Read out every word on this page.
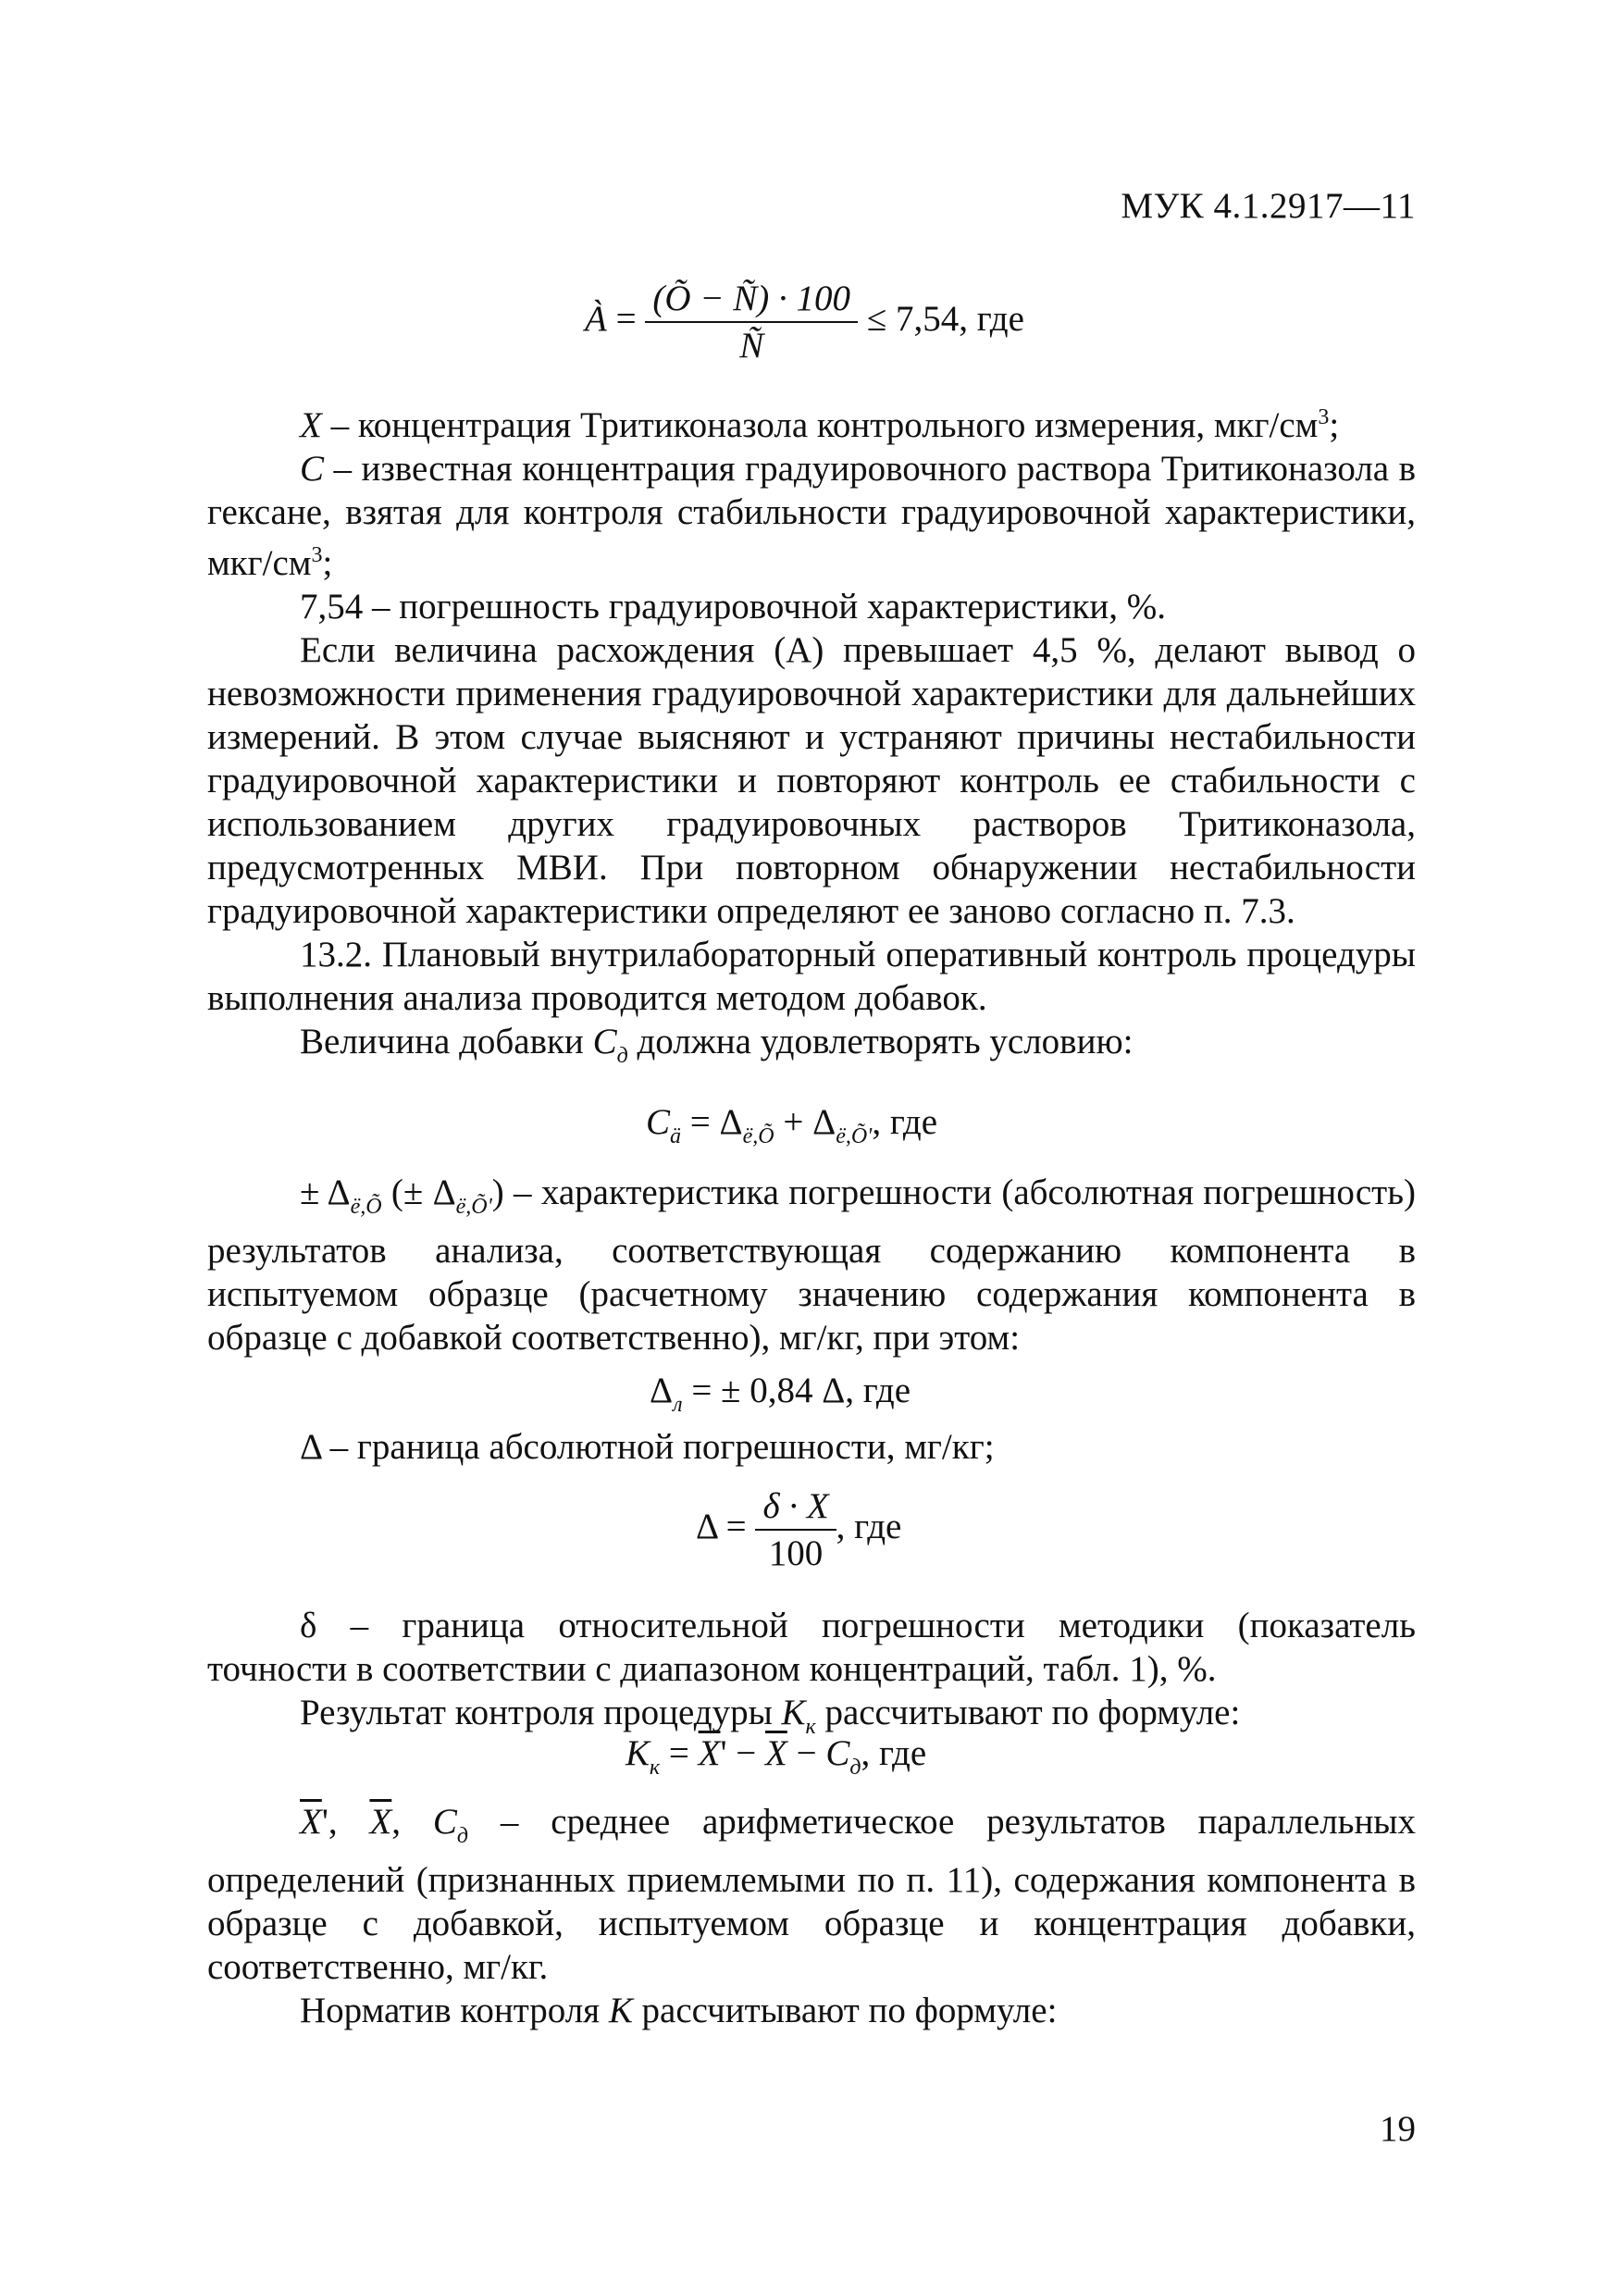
МУК 4.1.2917—11
À = $\frac{(Õ - Ñ) \cdot 100}{Ñ} \le 7,54$, где

X – концентрация Тритиконазола контрольного измерения, мкг/$см^3$;

С – известная концентрация градуировочного раствора Тритиконазола в гексане, взятая для контроля стабильности градуировочной характеристики, мкг/$см^3$;

7,54 – погрешность градуировочной характеристики, %.

Если величина расхождения (А) превышает 4,5 %, делают вывод о невозможности применения градуировочной характеристики для дальнейших измерений. В этом случае выясняют и устраняют причины нестабильности градуировочной характеристики и повторяют контроль ее стабильности с использованием других градуировочных растворов Тритиконазола, предусмотренных МВИ. При повторном обнаружении нестабильности градуировочной характеристики определяют ее заново согласно п. 7.3.

13.2. Плановый внутрилабораторный оперативный контроль процедуры выполнения анализа проводится методом добавок.

Величина добавки $С_д$ должна удовлетворять условию:

$С_ä = \Delta_{ë,Õ} + \Delta_{ë,Õ'}$, где

± $\Delta_{ë,Õ}$ (± $\Delta_{ë,Õ'}$) – характеристика погрешности (абсолютная погрешность) результатов анализа, соответствующая содержанию компонента в испытуемом образце (расчетному значению содержания компонента в образце с добавкой соответственно), мг/кг, при этом:

$\Delta_л$ = ± 0,84 Δ, где

Δ – граница абсолютной погрешности, мг/кг;

$\Delta = \frac{\delta \cdot X}{100}$ , где

δ – граница относительной погрешности методики (показатель точности в соответствии с диапазоном концентраций, табл. 1), %.

Результат контроля процедуры $К_к$ рассчитывают по формуле:

$К_к = \overline{X}' - \overline{X} - С_д$, где

$\overline{X}'$, $\overline{X}$, $С_д$ – среднее арифметическое результатов параллельных определений (признанных приемлемыми по п. 11), содержания компонента в образце с добавкой, испытуемом образце и концентрация добавки, соответственно, мг/кг.

Норматив контроля К рассчитывают по формуле:

19
